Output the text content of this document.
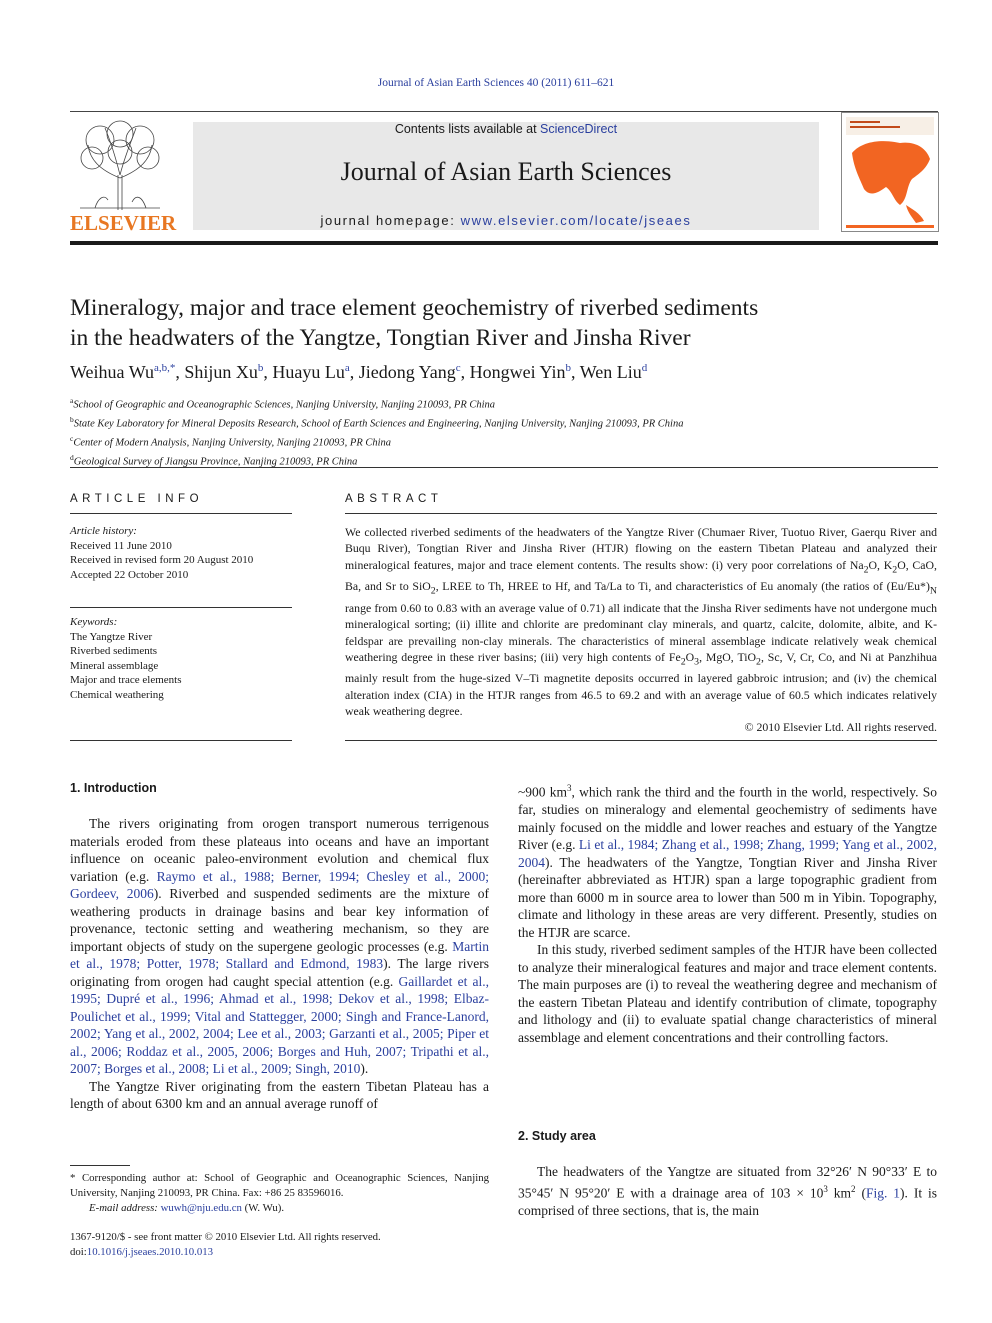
Journal of Asian Earth Sciences 40 (2011) 611–621
ELSEVIER
Contents lists available at ScienceDirect
Journal of Asian Earth Sciences
journal homepage: www.elsevier.com/locate/jseaes
Mineralogy, major and trace element geochemistry of riverbed sediments
in the headwaters of the Yangtze, Tongtian River and Jinsha River
Weihua $Wu^{a,b,*}$, Shijun Xu$^b$, Huayu Lu$^a$, Jiedong Yang$^c$, Hongwei Yin$^b$, Wen Liu$^d$
$^a$School of Geographic and Oceanographic Sciences, Nanjing University, Nanjing 210093, PR China
$^b$State Key Laboratory for Mineral Deposits Research, School of Earth Sciences and Engineering, Nanjing University, Nanjing 210093, PR China
$^c$Center of Modern Analysis, Nanjing University, Nanjing 210093, PR China
$^d$Geological Survey of Jiangsu Province, Nanjing 210093, PR China
ARTICLE INFO
Article history:
Received 11 June 2010
Received in revised form 20 August 2010
Accepted 22 October 2010
Keywords:
The Yangtze River
Riverbed sediments
Mineral assemblage
Major and trace elements
Chemical weathering
ABSTRACT
We collected riverbed sediments of the headwaters of the Yangtze River (Chumaer River, Tuotuo River, Gaerqu River and Buqu River), Tongtian River and Jinsha River (HTJR) flowing on the eastern Tibetan Plateau and analyzed their mineralogical features, major and trace element contents. The results show: (i) very poor correlations of $Na_2O$, $K_2O$, CaO, Ba, and Sr to SiO$_2$, LREE to Th, HREE to Hf, and Ta/La to Ti, and characteristics of Eu anomaly (the ratios of $(Eu/Eu*)_N$ range from 0.60 to 0.83 with an average value of 0.71) all indicate that the Jinsha River sediments have not undergone much mineralogical sorting; (ii) illite and chlorite are predominant clay minerals, and quartz, calcite, dolomite, albite, and K-feldspar are prevailing non-clay minerals. The characteristics of mineral assemblage indicate relatively weak chemical weathering degree in these river basins; (iii) very high contents of $Fe_2O_3$, MgO, TiO$_2$, Sc, V, Cr, Co, and Ni at Panzhihua mainly result from the huge-sized V–Ti magnetite deposits occurred in layered gabbroic intrusion; and (iv) the chemical alteration index (CIA) in the HTJR ranges from 46.5 to 69.2 and with an average value of 60.5 which indicates relatively weak weathering degree.
© 2010 Elsevier Ltd. All rights reserved.
1. Introduction

The rivers originating from orogen transport numerous terrigenous materials eroded from these plateaus into oceans and have an important influence on oceanic paleo-environment evolution and chemical flux variation (e.g. Raymo et al., 1988; Berner, 1994; Chesley et al., 2000; Gordeev, 2006). Riverbed and suspended sediments are the mixture of weathering products in drainage basins and bear key information of provenance, tectonic setting and weathering mechanism, so they are important objects of study on the supergene geologic processes (e.g. Martin et al., 1978; Potter, 1978; Stallard and Edmond, 1983). The large rivers originating from orogen had caught special attention (e.g. Gaillardet et al., 1995; Dupré et al., 1996; Ahmad et al., 1998; Dekov et al., 1998; Elbaz-Poulichet et al., 1999; Vital and Stattegger, 2000; Singh and France-Lanord, 2002; Yang et al., 2002, 2004; Lee et al., 2003; Garzanti et al., 2005; Piper et al., 2006; Roddaz et al., 2005, 2006; Borges and Huh, 2007; Tripathi et al., 2007; Borges et al., 2008; Li et al., 2009; Singh, 2010).

The Yangtze River originating from the eastern Tibetan Plateau has a length of about 6300 km and an annual average runoff of

* Corresponding author at: School of Geographic and Oceanographic Sciences, Nanjing University, Nanjing 210093, PR China. Fax: +86 25 83596016.
E-mail address: wuwh@nju.edu.cn (W. Wu).
1367-9120/$ - see front matter © 2010 Elsevier Ltd. All rights reserved.
doi:10.1016/j.jseaes.2010.10.013

~900 $km^3$, which rank the third and the fourth in the world, respectively. So far, studies on mineralogy and elemental geochemistry of sediments have mainly focused on the middle and lower reaches and estuary of the Yangtze River (e.g. Li et al., 1984; Zhang et al., 1998; Zhang, 1999; Yang et al., 2002, 2004). The headwaters of the Yangtze, Tongtian River and Jinsha River (hereinafter abbreviated as HTJR) span a large topographic gradient from more than 6000 m in source area to lower than 500 m in Yibin. Topography, climate and lithology in these areas are very different. Presently, studies on the HTJR are scarce.

In this study, riverbed sediment samples of the HTJR have been collected to analyze their mineralogical features and major and trace element contents. The main purposes are (i) to reveal the weathering degree and mechanism of the eastern Tibetan Plateau and identify contribution of climate, topography and lithology and (ii) to evaluate spatial change characteristics of mineral assemblage and element concentrations and their controlling factors.

2. Study area

The headwaters of the Yangtze are situated from 32°26′ N 90°33′ E to 35°45′ N 95°20′ E with a drainage area of $103 \times 10^3$ $km^2$ (Fig. 1). It is comprised of three sections, that is, the main
